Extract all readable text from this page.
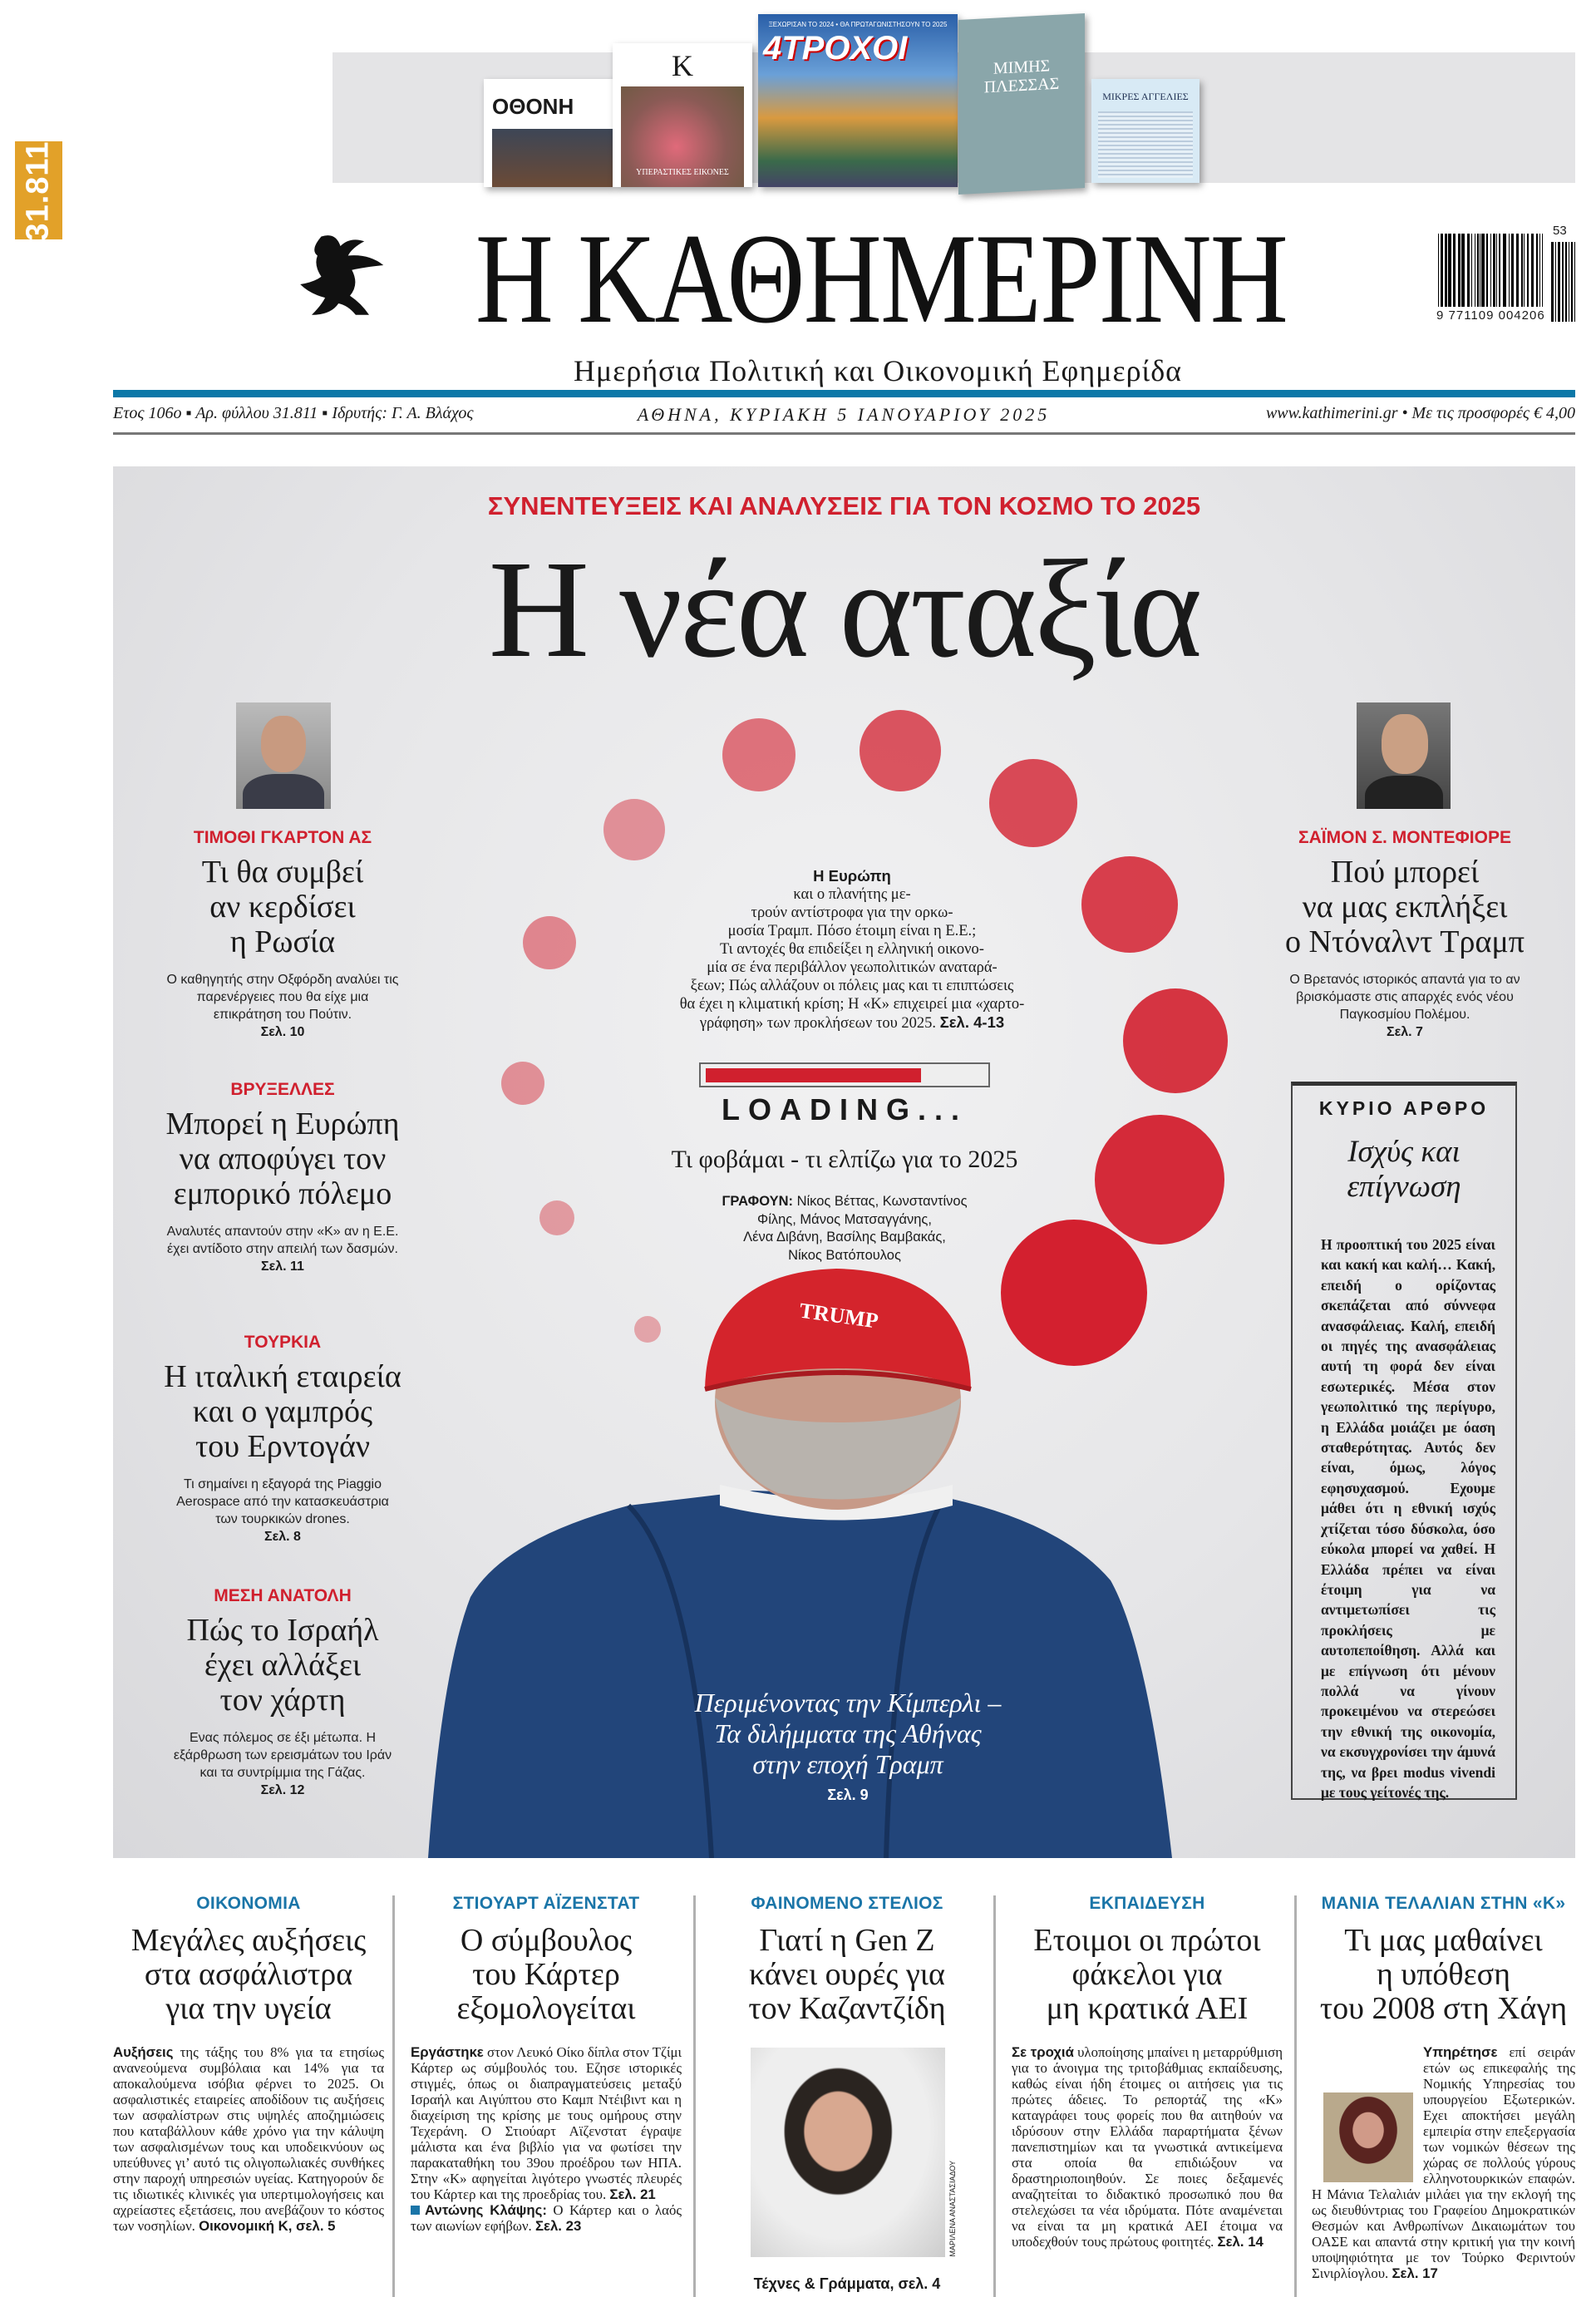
31.811
ΟΘΟΝΗ
K
ΥΠΕΡΑΣΤΙΚΕΣ ΕΙΚΟΝΕΣ
ΞΕΧΩΡΙΣΑΝ ΤΟ 2024 • ΘΑ ΠΡΩΤΑΓΩΝΙΣΤΗΣΟΥΝ ΤΟ 2025
4ΤΡΟΧΟΙ
ΜΙΜΗΣ ΠΛΕΣΣΑΣ	ΜΙΚΡΕΣ ΑΓΓΕΛΙΕΣ
Η ΚΑΘΗΜΕΡΙΝΗ
Ημερήσια Πολιτική και Οικονομική Εφημερίδα
9 771109 004206
53
Ετος 106ο ▪ Αρ. φύλλου 31.811 ▪ Ιδρυτής: Γ. Α. Βλάχος	ΑΘΗΝΑ, ΚΥΡΙΑΚΗ 5 ΙΑΝΟΥΑΡΙΟΥ 2025	www.kathimerini.gr • Με τις προσφορές € 4,00
TRUMP
ΣΥΝΕΝΤΕΥΞΕΙΣ ΚΑΙ ΑΝΑΛΥΣΕΙΣ ΓΙΑ ΤΟΝ ΚΟΣΜΟ ΤΟ 2025
Η νέα αταξία
ΤΙΜΟΘΙ ΓΚΑΡΤΟΝ ΑΣ
Τι θα συμβεί
αν κερδίσει
η Ρωσία
Ο καθηγητής στην Οξφόρδη αναλύει τις παρενέργειες που θα είχε μια επικράτηση του Πούτιν.
Σελ. 10
ΒΡΥΞΕΛΛΕΣ
Μπορεί η Ευρώπη
να αποφύγει τον
εμπορικό πόλεμο
Αναλυτές απαντούν στην «Κ» αν η Ε.Ε. έχει αντίδοτο στην απειλή των δασμών.
Σελ. 11
ΤΟΥΡΚΙΑ
Η ιταλική εταιρεία
και ο γαμπρός
του Ερντογάν
Τι σημαίνει η εξαγορά της Piaggio Aerospace από την κατασκευάστρια των τουρκικών drones.
Σελ. 8
ΜΕΣΗ ΑΝΑΤΟΛΗ
Πώς το Ισραήλ
έχει αλλάξει
τον χάρτη
Ενας πόλεμος σε έξι μέτωπα. Η εξάρθρωση των ερεισμάτων του Ιράν και τα συντρίμμια της Γάζας.
Σελ. 12
ΣΑΪΜΟΝ Σ. ΜΟΝΤΕΦΙΟΡΕ
Πού μπορεί
να μας εκπλήξει
ο Ντόναλντ Τραμπ
Ο Βρετανός ιστορικός απαντά για το αν βρισκόμαστε στις απαρχές ενός νέου Παγκοσμίου Πολέμου.
Σελ. 7
Η Ευρώπη
και ο πλανήτης με-
τρούν αντίστροφα για την ορκω-
μοσία Τραμπ. Πόσο έτοιμη είναι η Ε.Ε.;
Τι αντοχές θα επιδείξει η ελληνική οικονο-
μία σε ένα περιβάλλον γεωπολιτικών αναταρά-
ξεων; Πώς αλλάζουν οι πόλεις μας και τι επιπτώσεις
θα έχει η κλιματική κρίση; Η «Κ» επιχειρεί μια «χαρτο-
γράφηση» των προκλήσεων του 2025. Σελ. 4-13
LOADING...
Τι φοβάμαι - τι ελπίζω για το 2025
ΓΡΑΦΟΥΝ: Νίκος Βέττας, Κωνσταντίνος
Φίλης, Μάνος Ματσαγγάνης,
Λένα Διβάνη, Βασίλης Βαμβακάς,
Νίκος Βατόπουλος
Περιμένοντας την Κίμπερλι –
Τα διλήμματα της Αθήνας
στην εποχή Τραμπ
Σελ. 9
ΚΥΡΙΟ ΑΡΘΡΟ
Ισχύς και
επίγνωση
Η προοπτική του 2025 είναι και κακή και καλή… Κακή, επειδή ο ορίζοντας σκεπάζεται από σύννεφα ανασφάλειας. Καλή, επειδή οι πηγές της ανασφάλειας αυτή τη φορά δεν είναι εσωτερικές. Μέσα στον γεωπολιτικό της περίγυρο, η Ελλάδα μοιάζει με όαση σταθερότητας. Αυτός δεν είναι, όμως, λόγος εφησυχασμού. Εχουμε μάθει ότι η εθνική ισχύς χτίζεται τόσο δύσκολα, όσο εύκολα μπορεί να χαθεί. Η Ελλάδα πρέπει να είναι έτοιμη για να αντιμετωπίσει τις προκλήσεις με αυτοπεποίθηση. Αλλά και με επίγνωση ότι μένουν πολλά να γίνουν προκειμένου να στερεώσει την εθνική της οικονομία, να εκσυγχρονίσει την άμυνά της, να βρει modus vivendi με τους γείτονές της.
ΟΙΚΟΝΟΜΙΑ
Μεγάλες αυξήσεις
στα ασφάλιστρα
για την υγεία
Αυξήσεις της τάξης του 8% για τα ετησίως ανανεούμενα συμβόλαια και 14% για τα αποκαλούμενα ισόβια φέρνει το 2025. Οι ασφαλιστικές εταιρείες αποδίδουν τις αυξήσεις των ασφαλίστρων στις υψηλές αποζημιώσεις που καταβάλλουν κάθε χρόνο για την κάλυψη των ασφαλισμένων τους και υποδεικνύουν ως υπεύθυνες γι’ αυτό τις ολιγοπωλιακές συνθήκες στην παροχή υπηρεσιών υγείας. Κατηγορούν δε τις ιδιωτικές κλινικές για υπερτιμολογήσεις και αχρείαστες εξετάσεις, που ανεβάζουν το κόστος των νοσηλίων. Οικονομική Κ, σελ. 5
ΣΤΙΟΥΑΡΤ ΑΪΖΕΝΣΤΑΤ
Ο σύμβουλος
του Κάρτερ
εξομολογείται
Εργάστηκε στον Λευκό Οίκο δίπλα στον Τζίμι Κάρτερ ως σύμβουλός του. Εζησε ιστορικές στιγμές, όπως οι διαπραγματεύσεις μεταξύ Ισραήλ και Αιγύπτου στο Καμπ Ντέιβιντ και η διαχείριση της κρίσης με τους ομήρους στην Τεχεράνη. Ο Στιούαρτ Αϊζενστατ έγραψε μάλιστα και ένα βιβλίο για να φωτίσει την παρακαταθήκη του 39ου προέδρου των ΗΠΑ. Στην «Κ» αφηγείται λιγότερο γνωστές πλευρές του Κάρτερ και της προεδρίας του. Σελ. 21
Αντώνης Κλάψης: Ο Κάρτερ και ο λαός των αιωνίων εφήβων. Σελ. 23
ΦΑΙΝΟΜΕΝΟ ΣΤΕΛΙΟΣ
Γιατί η Gen Z
κάνει ουρές για
τον Καζαντζίδη
ΜΑΡΙΛΕΝΑ ΑΝΑΣΤΑΣΙΑΔΟΥ
Τέχνες & Γράμματα, σελ. 4
ΕΚΠΑΙΔΕΥΣΗ
Ετοιμοι οι πρώτοι
φάκελοι για
μη κρατικά ΑΕΙ
Σε τροχιά υλοποίησης μπαίνει η μεταρρύθμιση για το άνοιγμα της τριτοβάθμιας εκπαίδευσης, καθώς είναι ήδη έτοιμες οι αιτήσεις για τις πρώτες άδειες. Το ρεπορτάζ της «Κ» καταγράφει τους φορείς που θα αιτηθούν να ιδρύσουν στην Ελλάδα παραρτήματα ξένων πανεπιστημίων και τα γνωστικά αντικείμενα στα οποία θα επιδιώξουν να δραστηριοποιηθούν. Σε ποιες δεξαμενές αναζητείται το διδακτικό προσωπικό που θα στελεχώσει τα νέα ιδρύματα. Πότε αναμένεται να είναι τα μη κρατικά ΑΕΙ έτοιμα να υποδεχθούν τους πρώτους φοιτητές. Σελ. 14
ΜΑΝΙΑ ΤΕΛΑΛΙΑΝ ΣΤΗΝ «Κ»
Τι μας μαθαίνει
η υπόθεση
του 2008 στη Χάγη
Υπηρέτησε επί σειράν ετών ως επικεφαλής της Νομικής Υπηρεσίας του υπουργείου Εξωτερικών. Εχει αποκτήσει μεγάλη εμπειρία στην επεξεργασία των νομικών θέσεων της χώρας σε πολλούς γύρους ελληνοτουρκικών επαφών. Η Μάνια Τελαλιάν μιλάει για την εκλογή της ως διευθύντριας του Γραφείου Δημοκρατικών Θεσμών και Ανθρωπίνων Δικαιωμάτων του ΟΑΣΕ και απαντά στην κριτική για την κοινή υποψηφιότητα με τον Τούρκο Φεριντούν Σινιρλίογλου. Σελ. 17
